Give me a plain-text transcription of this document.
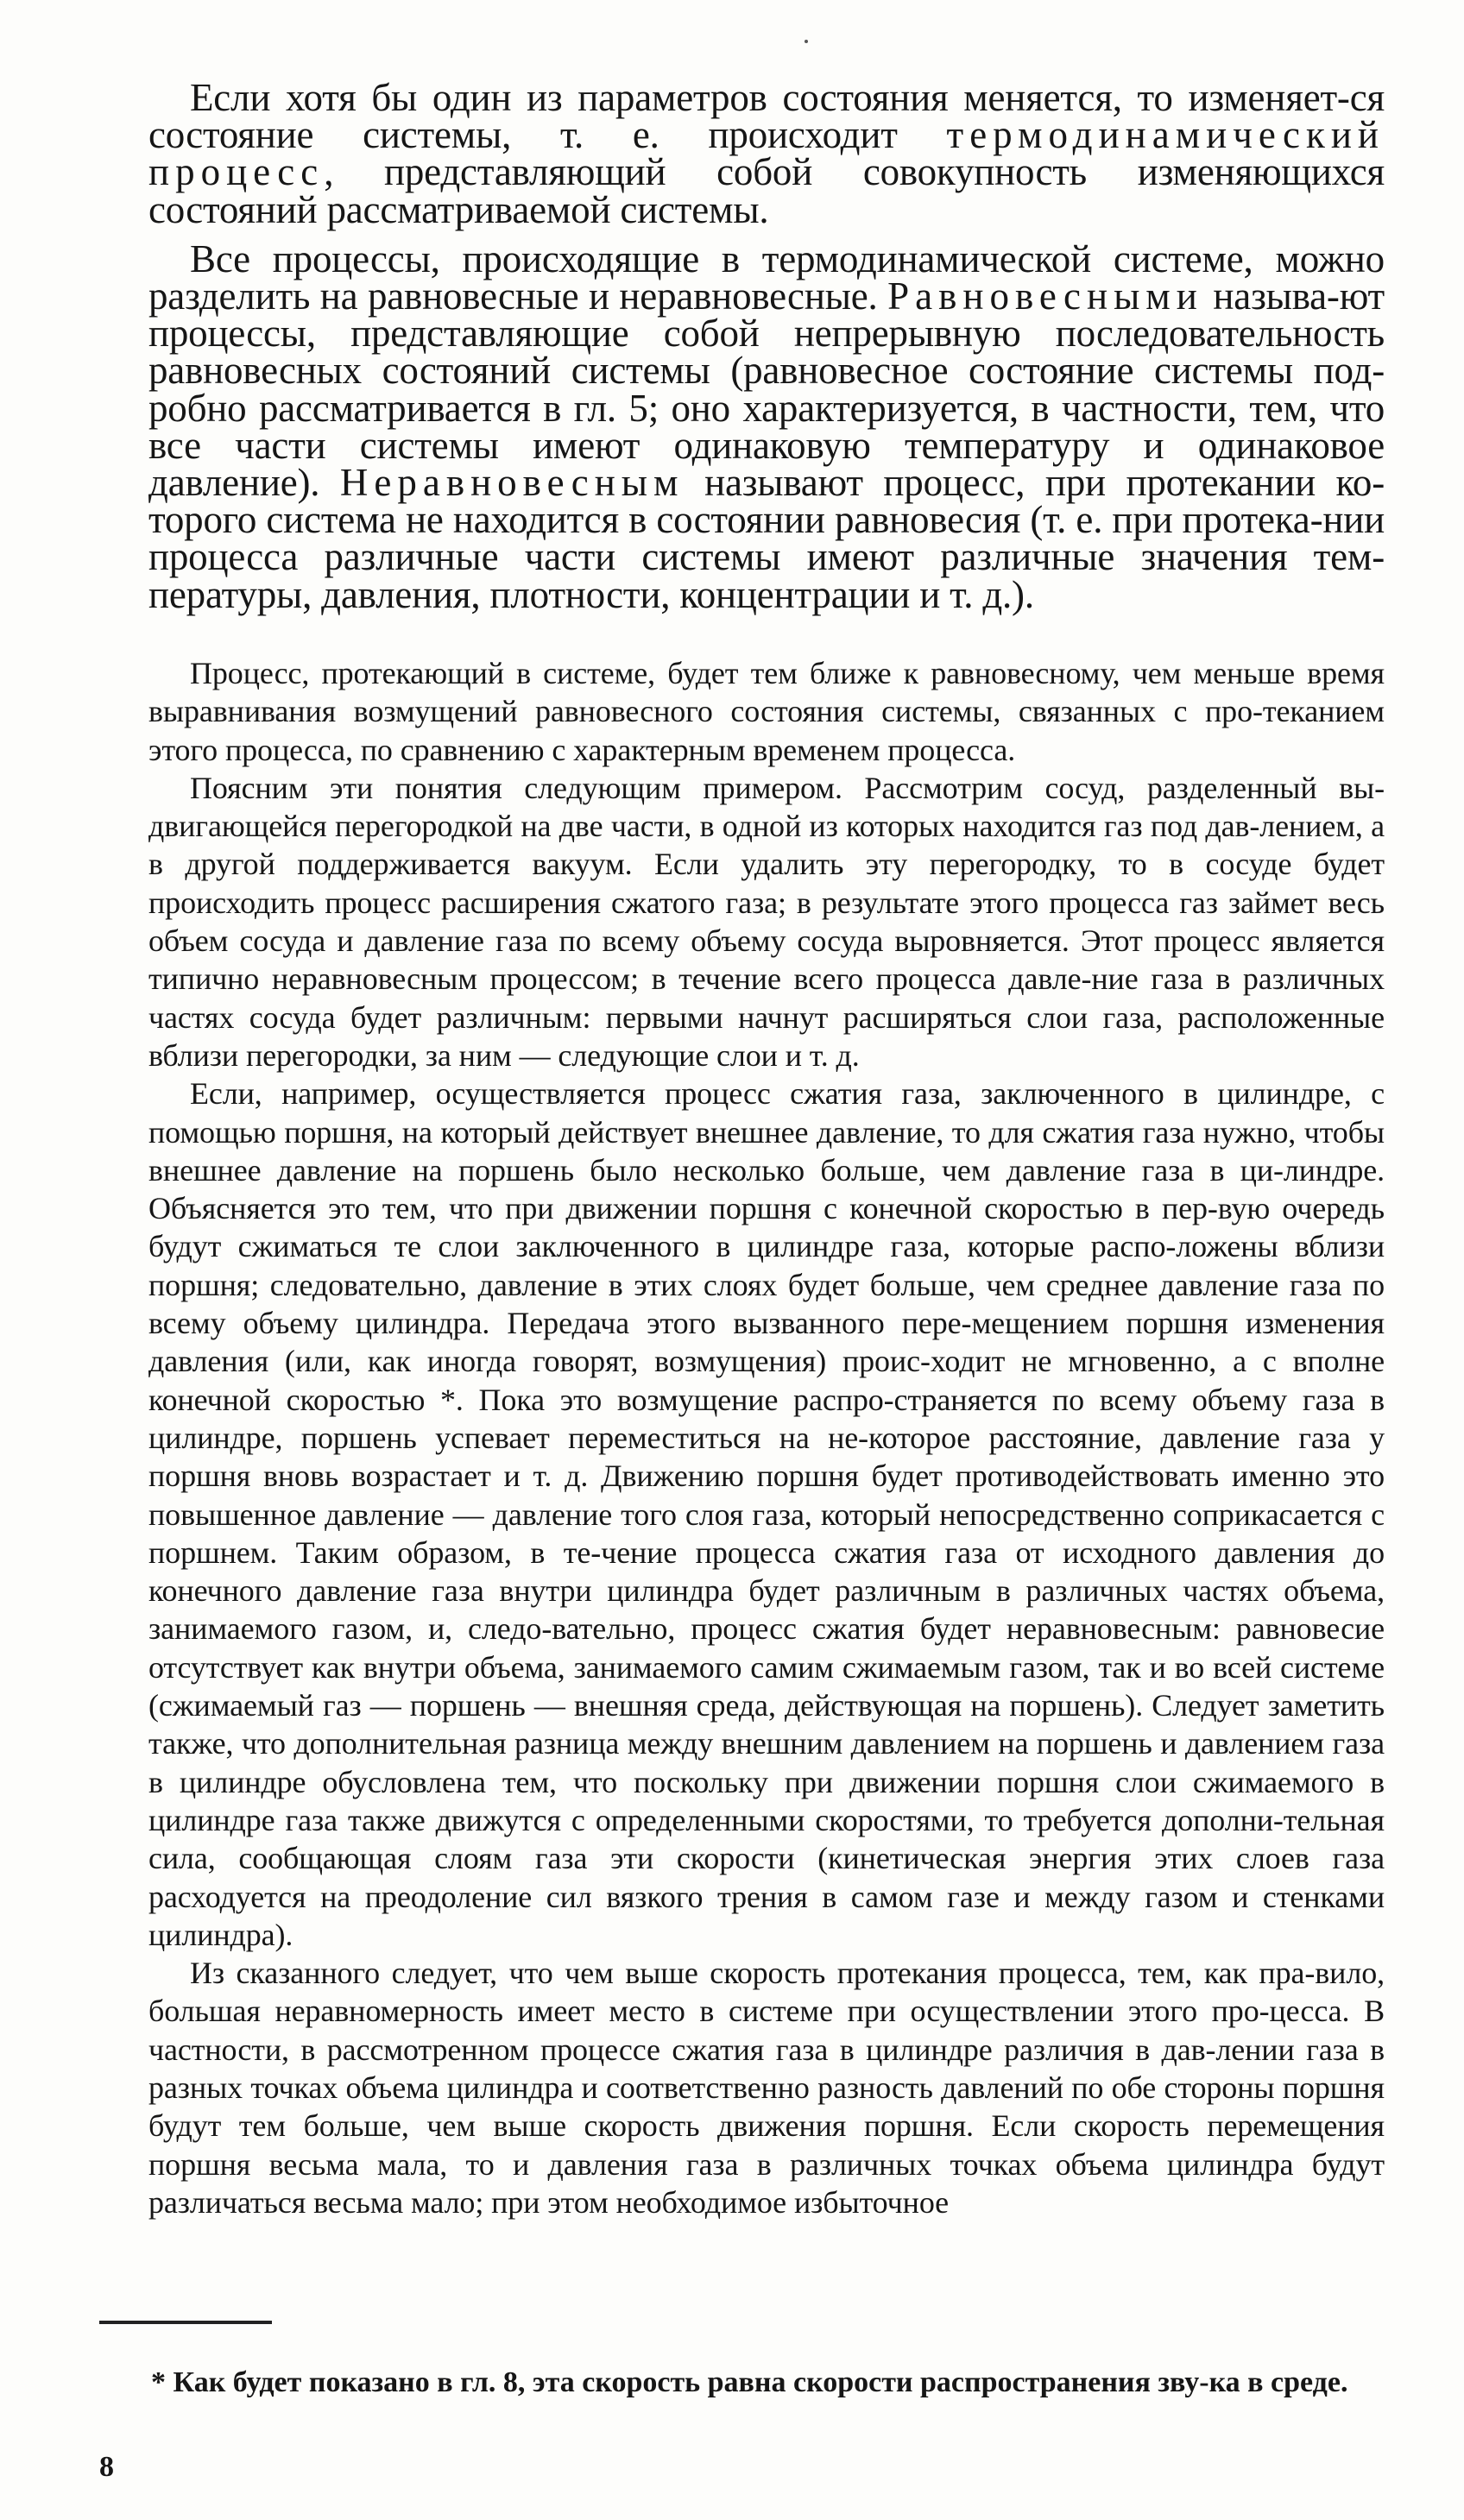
Если хотя бы один из параметров состояния меняется, то изменяет-ся состояние системы, т. е. происходит термодинамический процесс, представляющий собой совокупность изменяющихся состояний рассматриваемой системы.

Все процессы, происходящие в термодинамической системе, можно разделить на равновесные и неравновесные. Равновесными называ-ют процессы, представляющие собой непрерывную последовательность равновесных состояний системы (равновесное состояние системы под-робно рассматривается в гл. 5; оно характеризуется, в частности, тем, что все части системы имеют одинаковую температуру и одинаковое давление). Неравновесным называют процесс, при протекании ко-торого система не находится в состоянии равновесия (т. е. при протека-нии процесса различные части системы имеют различные значения тем-пературы, давления, плотности, концентрации и т. д.).

Процесс, протекающий в системе, будет тем ближе к равновесному, чем меньше время выравнивания возмущений равновесного состояния системы, связанных с про-теканием этого процесса, по сравнению с характерным временем процесса.

Поясним эти понятия следующим примером. Рассмотрим сосуд, разделенный вы-двигающейся перегородкой на две части, в одной из которых находится газ под дав-лением, а в другой поддерживается вакуум. Если удалить эту перегородку, то в сосуде будет происходить процесс расширения сжатого газа; в результате этого процесса газ займет весь объем сосуда и давление газа по всему объему сосуда выровняется. Этот процесс является типично неравновесным процессом; в течение всего процесса давле-ние газа в различных частях сосуда будет различным: первыми начнут расширяться слои газа, расположенные вблизи перегородки, за ним — следующие слои и т. д.

Если, например, осуществляется процесс сжатия газа, заключенного в цилиндре, с помощью поршня, на который действует внешнее давление, то для сжатия газа нужно, чтобы внешнее давление на поршень было несколько больше, чем давление газа в ци-линдре. Объясняется это тем, что при движении поршня с конечной скоростью в пер-вую очередь будут сжиматься те слои заключенного в цилиндре газа, которые распо-ложены вблизи поршня; следовательно, давление в этих слоях будет больше, чем среднее давление газа по всему объему цилиндра. Передача этого вызванного пере-мещением поршня изменения давления (или, как иногда говорят, возмущения) проис-ходит не мгновенно, а с вполне конечной скоростью *. Пока это возмущение распро-страняется по всему объему газа в цилиндре, поршень успевает переместиться на не-которое расстояние, давление газа у поршня вновь возрастает и т. д. Движению поршня будет противодействовать именно это повышенное давление — давление того слоя газа, который непосредственно соприкасается с поршнем. Таким образом, в те-чение процесса сжатия газа от исходного давления до конечного давление газа внутри цилиндра будет различным в различных частях объема, занимаемого газом, и, следо-вательно, процесс сжатия будет неравновесным: равновесие отсутствует как внутри объема, занимаемого самим сжимаемым газом, так и во всей системе (сжимаемый газ — поршень — внешняя среда, действующая на поршень). Следует заметить также, что дополнительная разница между внешним давлением на поршень и давлением газа в цилиндре обусловлена тем, что поскольку при движении поршня слои сжимаемого в цилиндре газа также движутся с определенными скоростями, то требуется дополни-тельная сила, сообщающая слоям газа эти скорости (кинетическая энергия этих слоев газа расходуется на преодоление сил вязкого трения в самом газе и между газом и стенками цилиндра).

Из сказанного следует, что чем выше скорость протекания процесса, тем, как пра-вило, большая неравномерность имеет место в системе при осуществлении этого про-цесса. В частности, в рассмотренном процессе сжатия газа в цилиндре различия в дав-лении газа в разных точках объема цилиндра и соответственно разность давлений по обе стороны поршня будут тем больше, чем выше скорость движения поршня. Если скорость перемещения поршня весьма мала, то и давления газа в различных точках объема цилиндра будут различаться весьма мало; при этом необходимое избыточное

* Как будет показано в гл. 8, эта скорость равна скорости распространения зву-ка в среде.

8
